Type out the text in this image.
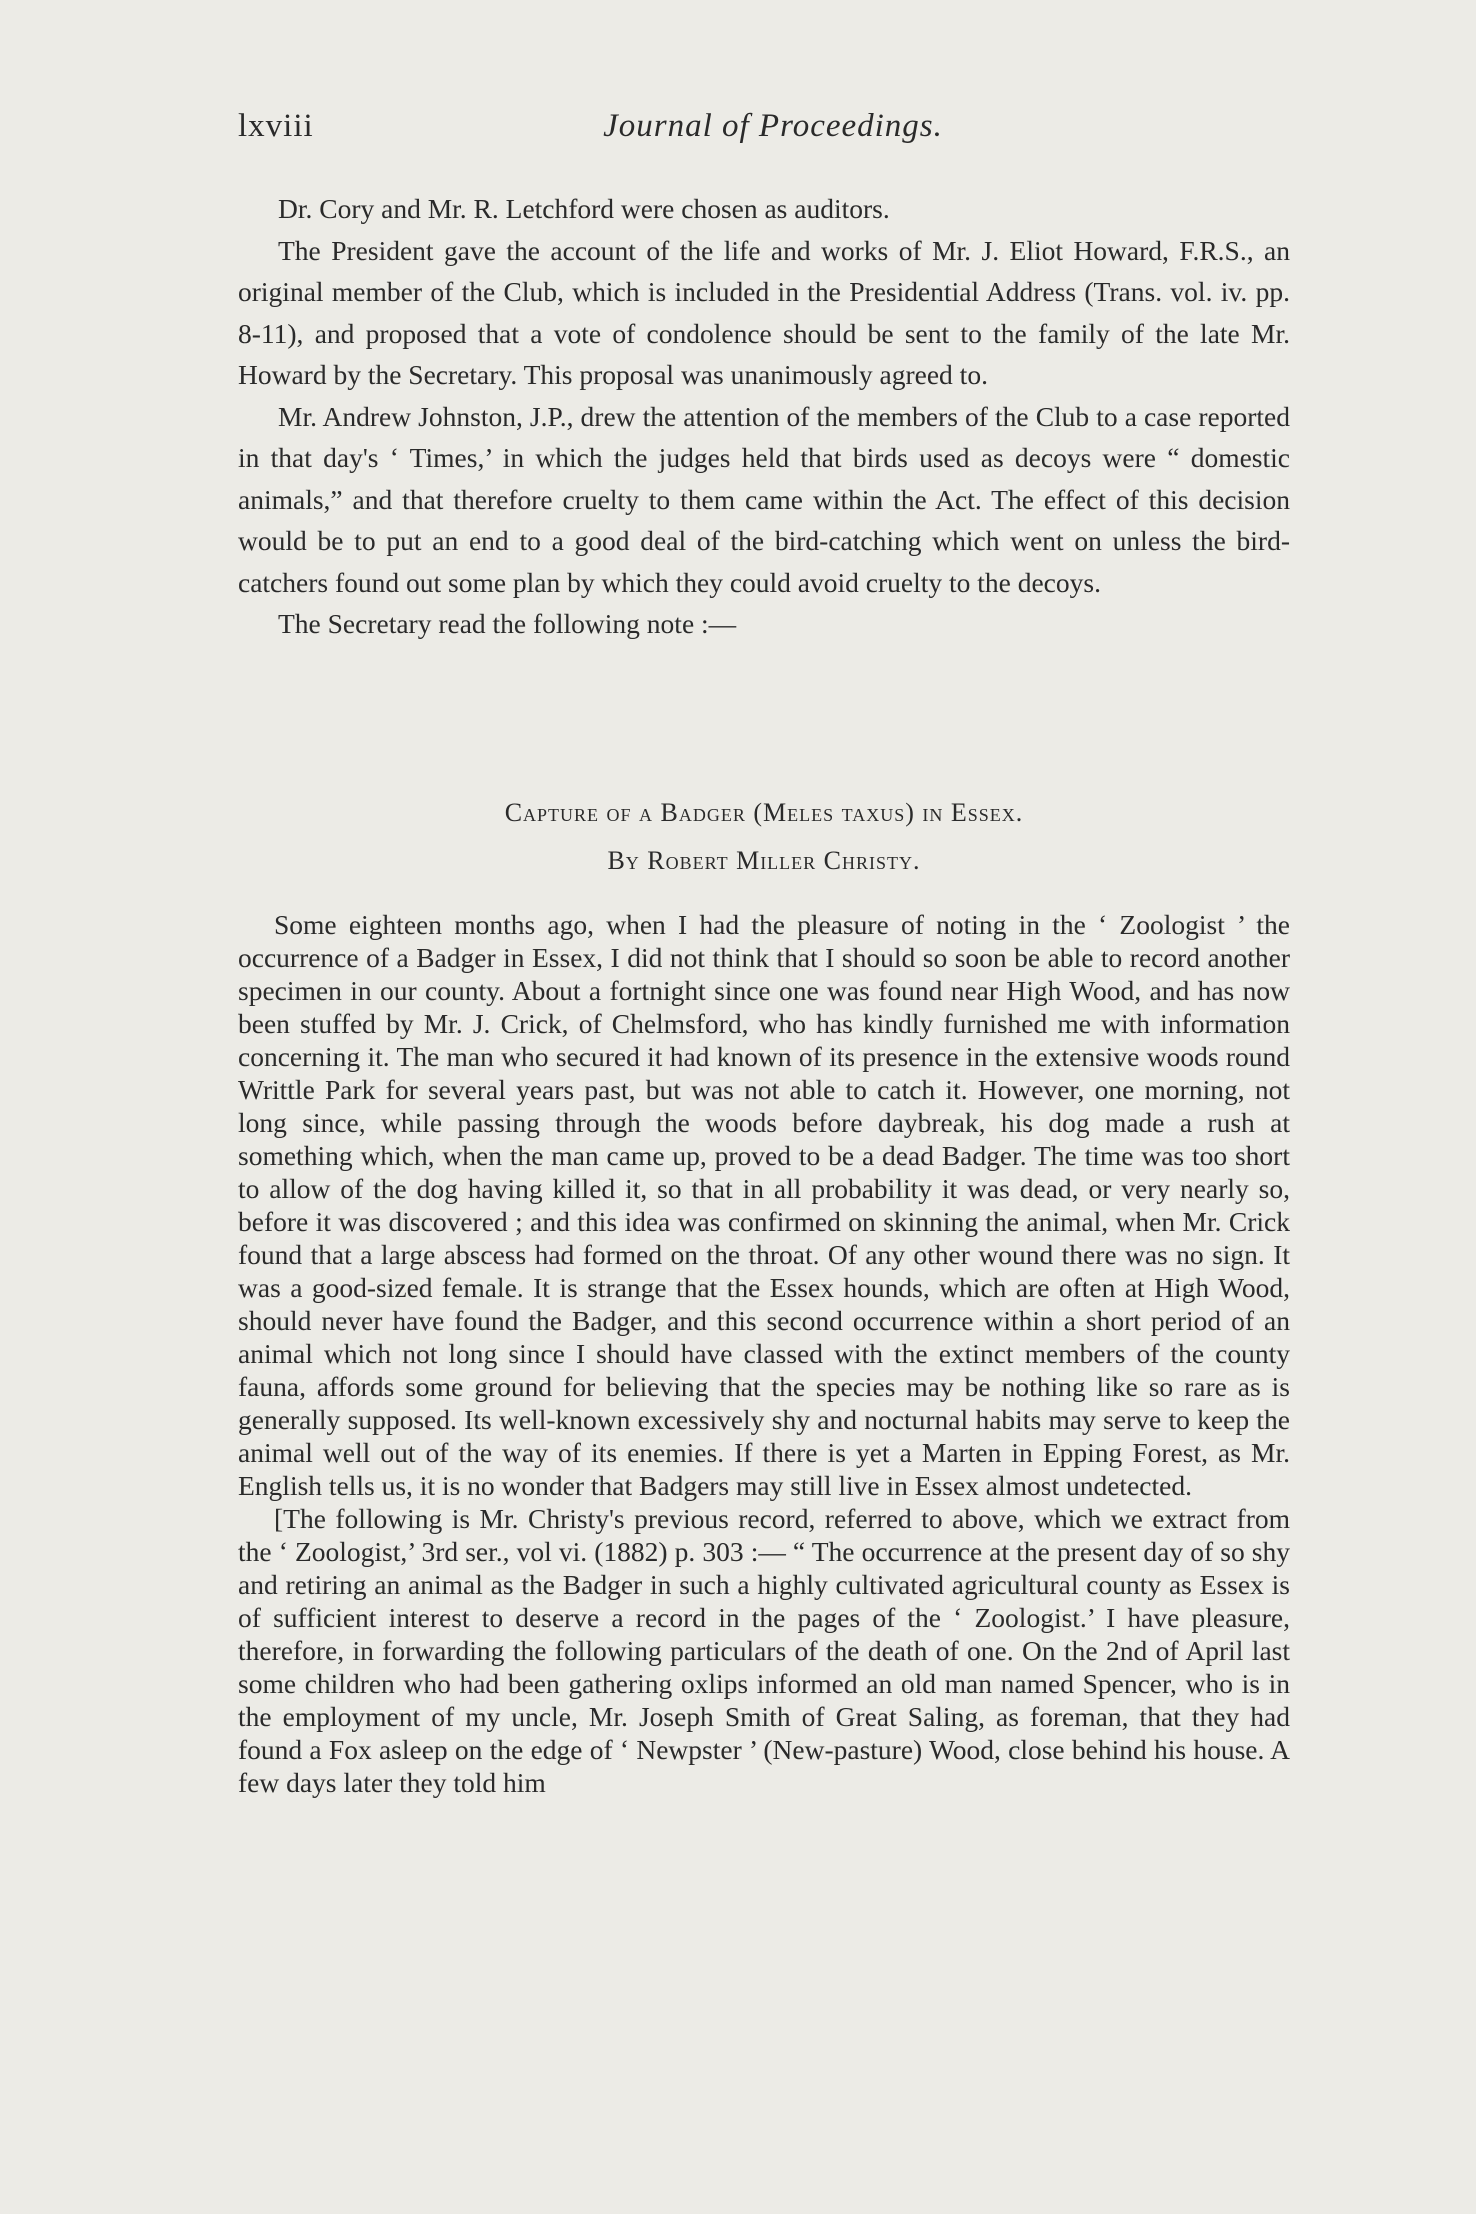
lxviii	Journal of Proceedings.

Dr. Cory and Mr. R. Letchford were chosen as auditors.

The President gave the account of the life and works of Mr. J. Eliot Howard, F.R.S., an original member of the Club, which is included in the Presidential Address (Trans. vol. iv. pp. 8-11), and proposed that a vote of condolence should be sent to the family of the late Mr. Howard by the Secretary. This proposal was unanimously agreed to.

Mr. Andrew Johnston, J.P., drew the attention of the members of the Club to a case reported in that day's ‘ Times,’ in which the judges held that birds used as decoys were “ domestic animals,” and that therefore cruelty to them came within the Act. The effect of this decision would be to put an end to a good deal of the bird-catching which went on unless the bird-catchers found out some plan by which they could avoid cruelty to the decoys.

The Secretary read the following note :—

Capture of a Badger (Meles taxus) in Essex.
By Robert Miller Christy.

Some eighteen months ago, when I had the pleasure of noting in the ‘ Zoologist ’ the occurrence of a Badger in Essex, I did not think that I should so soon be able to record another specimen in our county. About a fortnight since one was found near High Wood, and has now been stuffed by Mr. J. Crick, of Chelmsford, who has kindly furnished me with information concerning it. The man who secured it had known of its presence in the extensive woods round Writtle Park for several years past, but was not able to catch it. However, one morning, not long since, while passing through the woods before daybreak, his dog made a rush at something which, when the man came up, proved to be a dead Badger. The time was too short to allow of the dog having killed it, so that in all probability it was dead, or very nearly so, before it was discovered ; and this idea was confirmed on skinning the animal, when Mr. Crick found that a large abscess had formed on the throat. Of any other wound there was no sign. It was a good-sized female. It is strange that the Essex hounds, which are often at High Wood, should never have found the Badger, and this second occurrence within a short period of an animal which not long since I should have classed with the extinct members of the county fauna, affords some ground for believing that the species may be nothing like so rare as is generally supposed. Its well-known excessively shy and nocturnal habits may serve to keep the animal well out of the way of its enemies. If there is yet a Marten in Epping Forest, as Mr. English tells us, it is no wonder that Badgers may still live in Essex almost undetected.

[The following is Mr. Christy's previous record, referred to above, which we extract from the ‘ Zoologist,’ 3rd ser., vol vi. (1882) p. 303 :— “ The occurrence at the present day of so shy and retiring an animal as the Badger in such a highly cultivated agricultural county as Essex is of sufficient interest to deserve a record in the pages of the ‘ Zoologist.’ I have pleasure, therefore, in forwarding the following particulars of the death of one. On the 2nd of April last some children who had been gathering oxlips informed an old man named Spencer, who is in the employment of my uncle, Mr. Joseph Smith of Great Saling, as foreman, that they had found a Fox asleep on the edge of ‘ Newpster ’ (New-pasture) Wood, close behind his house. A few days later they told him
